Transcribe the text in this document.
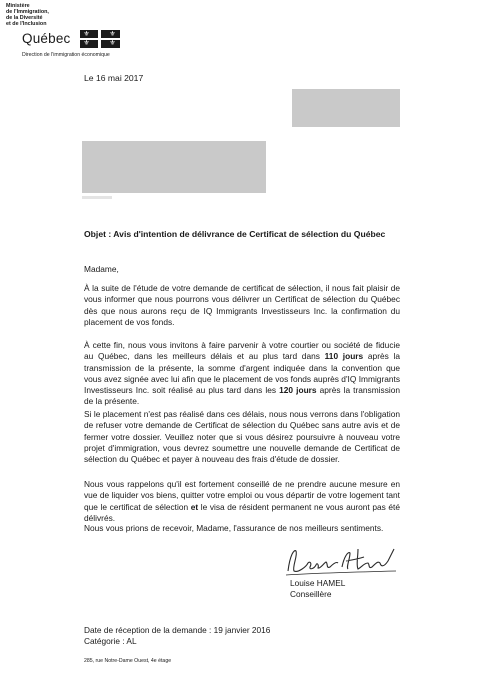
Ministère
de l'Immigration,
de la Diversité
et de l'Inclusion
Québec ⚜	⚜
⚜	⚜
Direction de l'immigration économique
Le 16 mai 2017
Objet : Avis d'intention de délivrance de Certificat de sélection du Québec
Madame,
À la suite de l'étude de votre demande de certificat de sélection, il nous fait plaisir de vous informer que nous pourrons vous délivrer un Certificat de sélection du Québec dès que nous aurons reçu de IQ Immigrants Investisseurs Inc. la confirmation du placement de vos fonds.
À cette fin, nous vous invitons à faire parvenir à votre courtier ou société de fiducie au Québec, dans les meilleurs délais et au plus tard dans 110 jours après la transmission de la présente, la somme d'argent indiquée dans la convention que vous avez signée avec lui afin que le placement de vos fonds auprès d'IQ Immigrants Investisseurs Inc. soit réalisé au plus tard dans les 120 jours après la transmission de la présente.
Si le placement n'est pas réalisé dans ces délais, nous nous verrons dans l'obligation de refuser votre demande de Certificat de sélection du Québec sans autre avis et de fermer votre dossier. Veuillez noter que si vous désirez poursuivre à nouveau votre projet d'immigration, vous devrez soumettre une nouvelle demande de Certificat de sélection du Québec et payer à nouveau des frais d'étude de dossier.
Nous vous rappelons qu'il est fortement conseillé de ne prendre aucune mesure en vue de liquider vos biens, quitter votre emploi ou vous départir de votre logement tant que le certificat de sélection et le visa de résident permanent ne vous auront pas été délivrés.
Nous vous prions de recevoir, Madame, l'assurance de nos meilleurs sentiments.
Louise HAMEL
Conseillère
Date de réception de la demande : 19 janvier 2016
Catégorie : AL
285, rue Notre-Dame Ouest, 4e étage
